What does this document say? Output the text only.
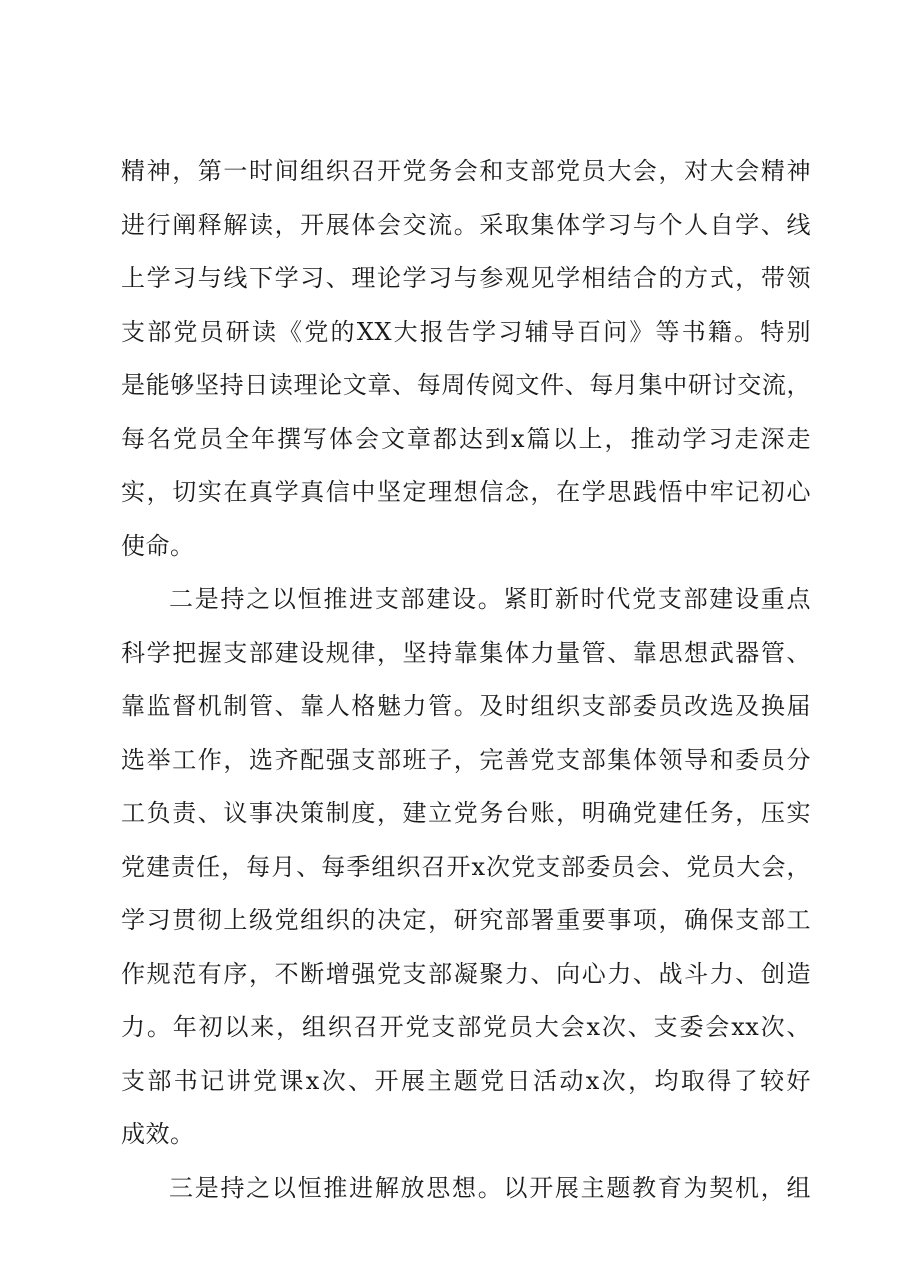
精神，第一时间组织召开党务会和支部党员大会，对大会精神
进行阐释解读，开展体会交流。采取集体学习与个人自学、线
上学习与线下学习、理论学习与参观见学相结合的方式，带领
支部党员研读《党的XX大报告学习辅导百问》等书籍。特别
是能够坚持日读理论文章、每周传阅文件、每月集中研讨交流，
每名党员全年撰写体会文章都达到x篇以上，推动学习走深走
实，切实在真学真信中坚定理想信念，在学思践悟中牢记初心
使命。
二是持之以恒推进支部建设。紧盯新时代党支部建设重点
科学把握支部建设规律，坚持靠集体力量管、靠思想武器管、
靠监督机制管、靠人格魅力管。及时组织支部委员改选及换届
选举工作，选齐配强支部班子，完善党支部集体领导和委员分
工负责、议事决策制度，建立党务台账，明确党建任务，压实
党建责任，每月、每季组织召开x次党支部委员会、党员大会，
学习贯彻上级党组织的决定，研究部署重要事项，确保支部工
作规范有序，不断增强党支部凝聚力、向心力、战斗力、创造
力。年初以来，组织召开党支部党员大会x次、支委会xx次、
支部书记讲党课x次、开展主题党日活动x次，均取得了较好
成效。
三是持之以恒推进解放思想。以开展主题教育为契机，组
